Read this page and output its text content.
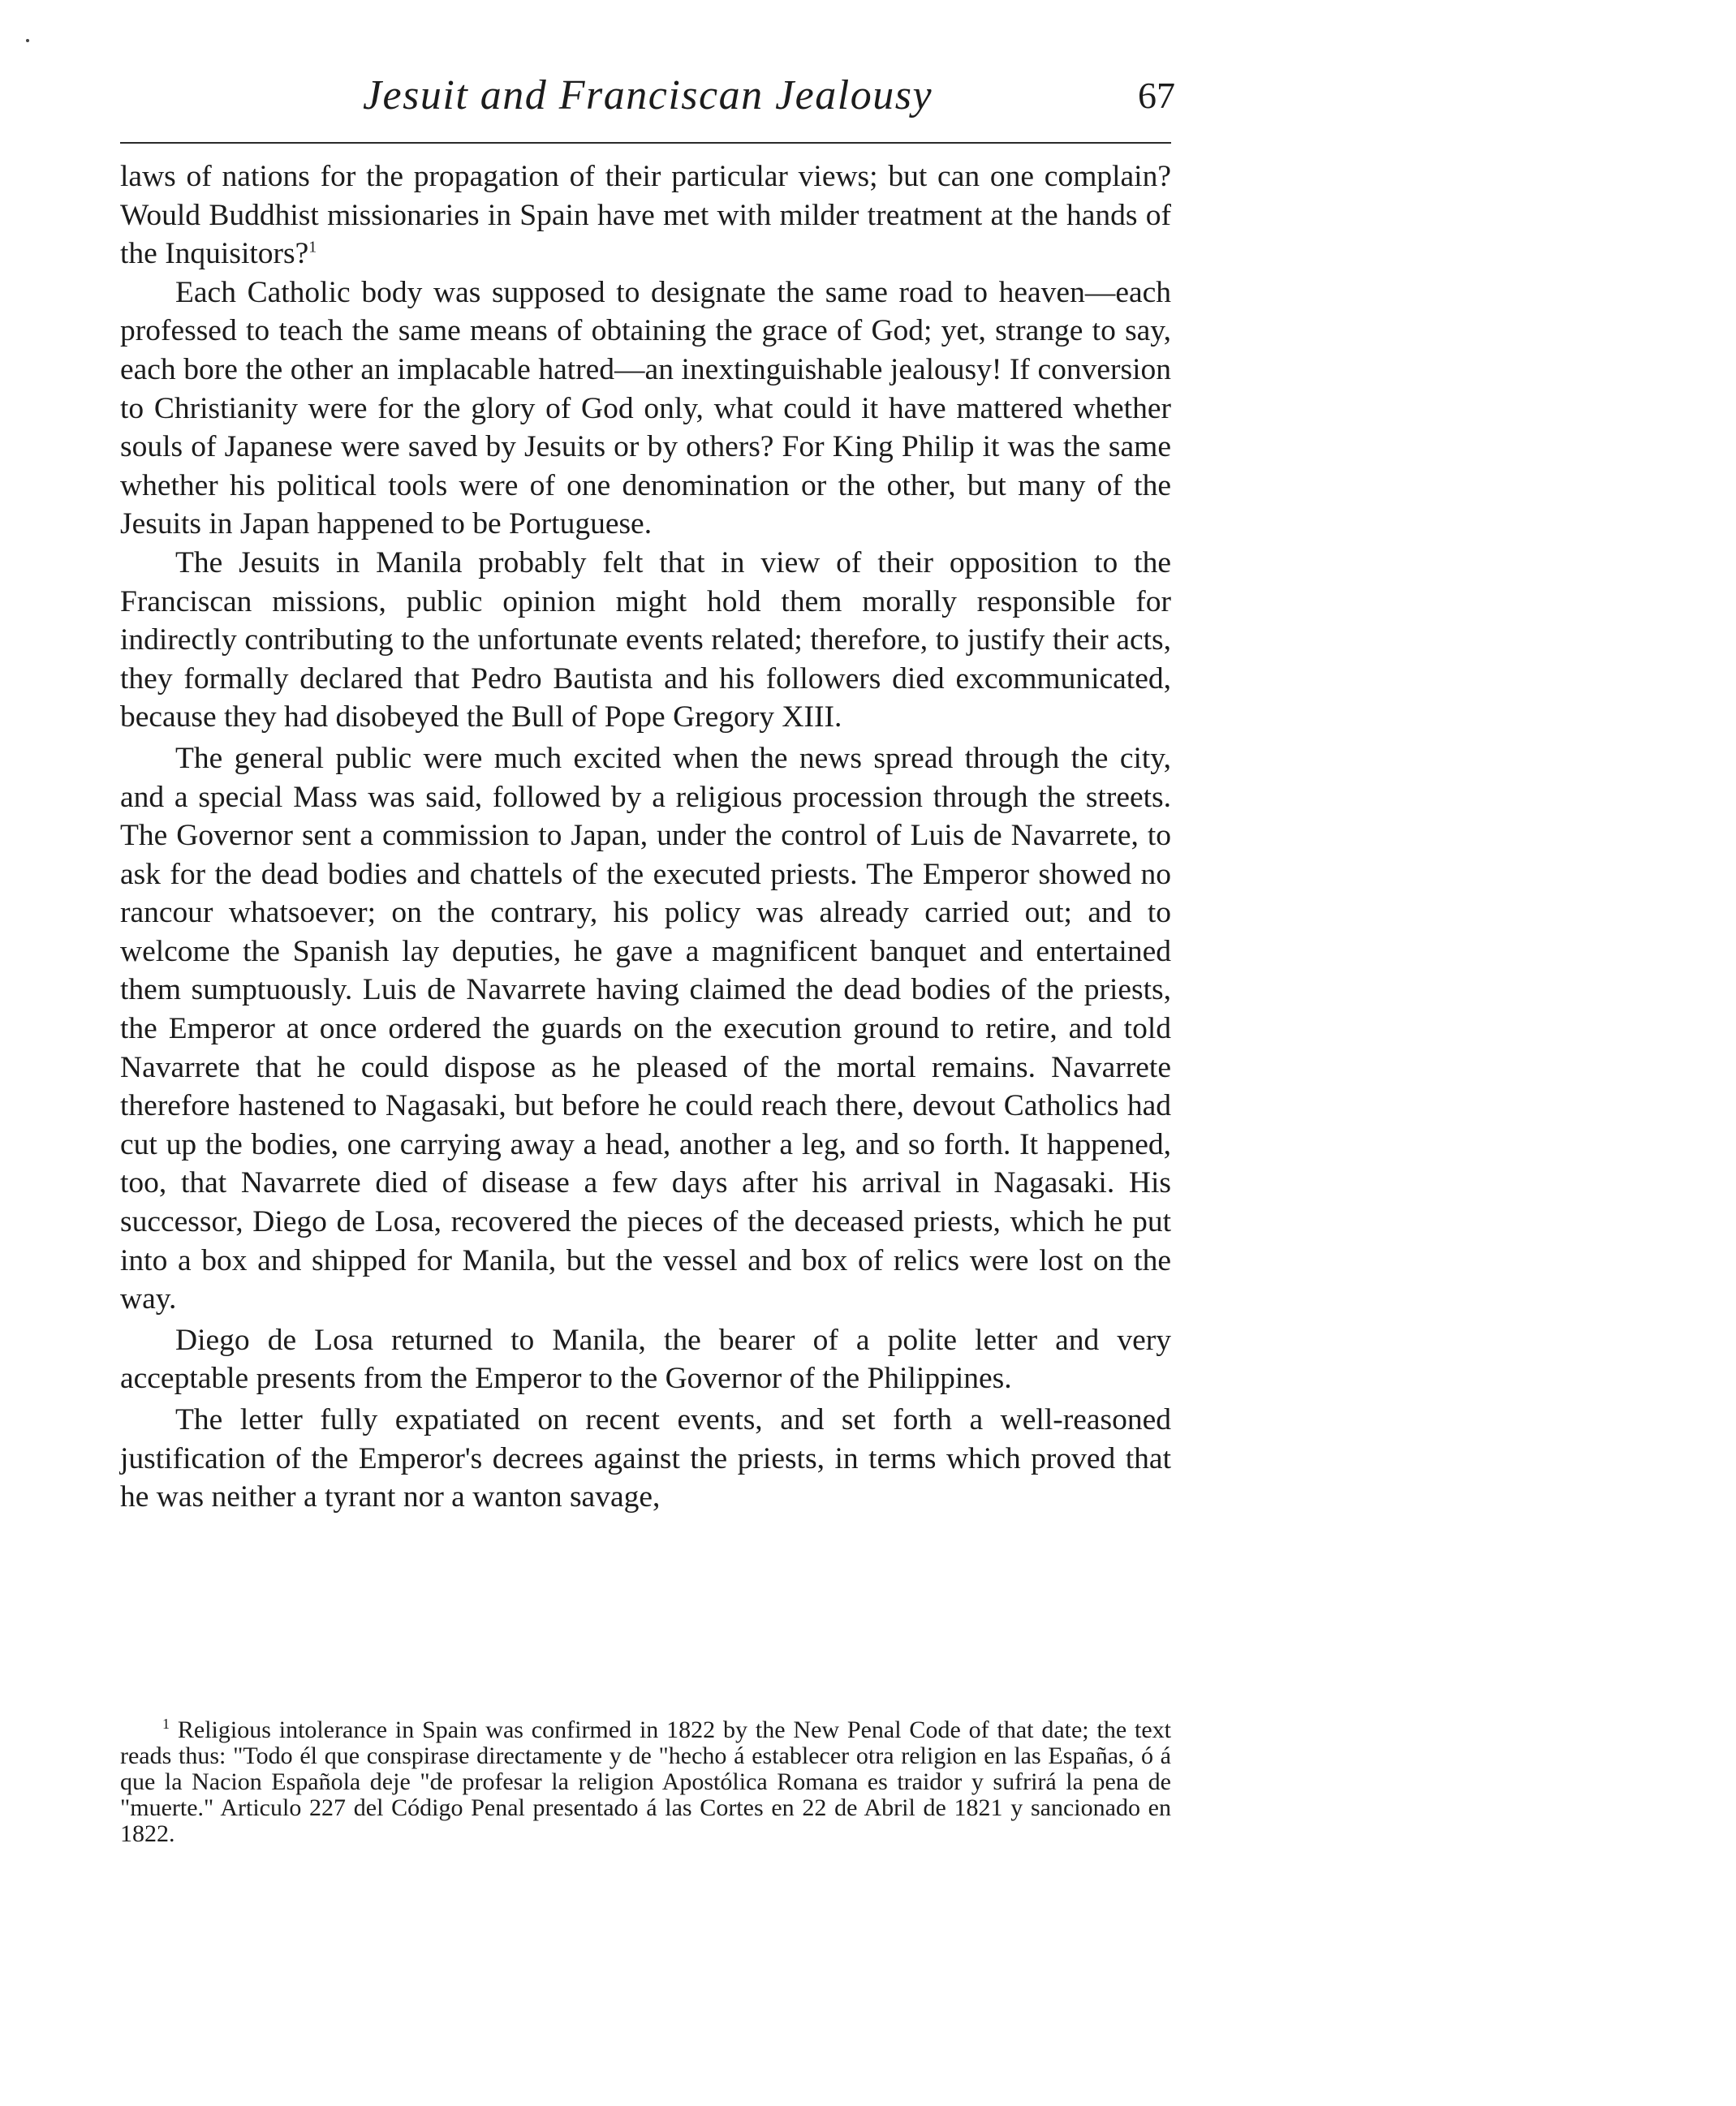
Jesuit and Franciscan Jealousy	67

laws of nations for the propagation of their particular views; but can one complain? Would Buddhist missionaries in Spain have met with milder treatment at the hands of the Inquisitors?$^1$

Each Catholic body was supposed to designate the same road to heaven—each professed to teach the same means of obtaining the grace of God; yet, strange to say, each bore the other an implacable hatred—an inextinguishable jealousy! If conversion to Christianity were for the glory of God only, what could it have mattered whether souls of Japanese were saved by Jesuits or by others? For King Philip it was the same whether his political tools were of one denomination or the other, but many of the Jesuits in Japan happened to be Portuguese.

The Jesuits in Manila probably felt that in view of their opposition to the Franciscan missions, public opinion might hold them morally responsible for indirectly contributing to the unfortunate events related; therefore, to justify their acts, they formally declared that Pedro Bautista and his followers died excommunicated, because they had disobeyed the Bull of Pope Gregory XIII.

The general public were much excited when the news spread through the city, and a special Mass was said, followed by a religious procession through the streets. The Governor sent a commission to Japan, under the control of Luis de Navarrete, to ask for the dead bodies and chattels of the executed priests. The Emperor showed no rancour whatsoever; on the contrary, his policy was already carried out; and to welcome the Spanish lay deputies, he gave a magnificent banquet and entertained them sumptuously. Luis de Navarrete having claimed the dead bodies of the priests, the Emperor at once ordered the guards on the execution ground to retire, and told Navarrete that he could dispose as he pleased of the mortal remains. Navarrete therefore hastened to Nagasaki, but before he could reach there, devout Catholics had cut up the bodies, one carrying away a head, another a leg, and so forth. It happened, too, that Navarrete died of disease a few days after his arrival in Nagasaki. His successor, Diego de Losa, recovered the pieces of the deceased priests, which he put into a box and shipped for Manila, but the vessel and box of relics were lost on the way.

Diego de Losa returned to Manila, the bearer of a polite letter and very acceptable presents from the Emperor to the Governor of the Philippines.

The letter fully expatiated on recent events, and set forth a well-reasoned justification of the Emperor's decrees against the priests, in terms which proved that he was neither a tyrant nor a wanton savage,

$^1$ Religious intolerance in Spain was confirmed in 1822 by the New Penal Code of that date; the text reads thus: "Todo él que conspirase directamente y de "hecho á establecer otra religion en las Españas, ó á que la Nacion Española deje "de profesar la religion Apostólica Romana es traidor y sufrirá la pena de "muerte." Articulo 227 del Código Penal presentado á las Cortes en 22 de Abril de 1821 y sancionado en 1822.
